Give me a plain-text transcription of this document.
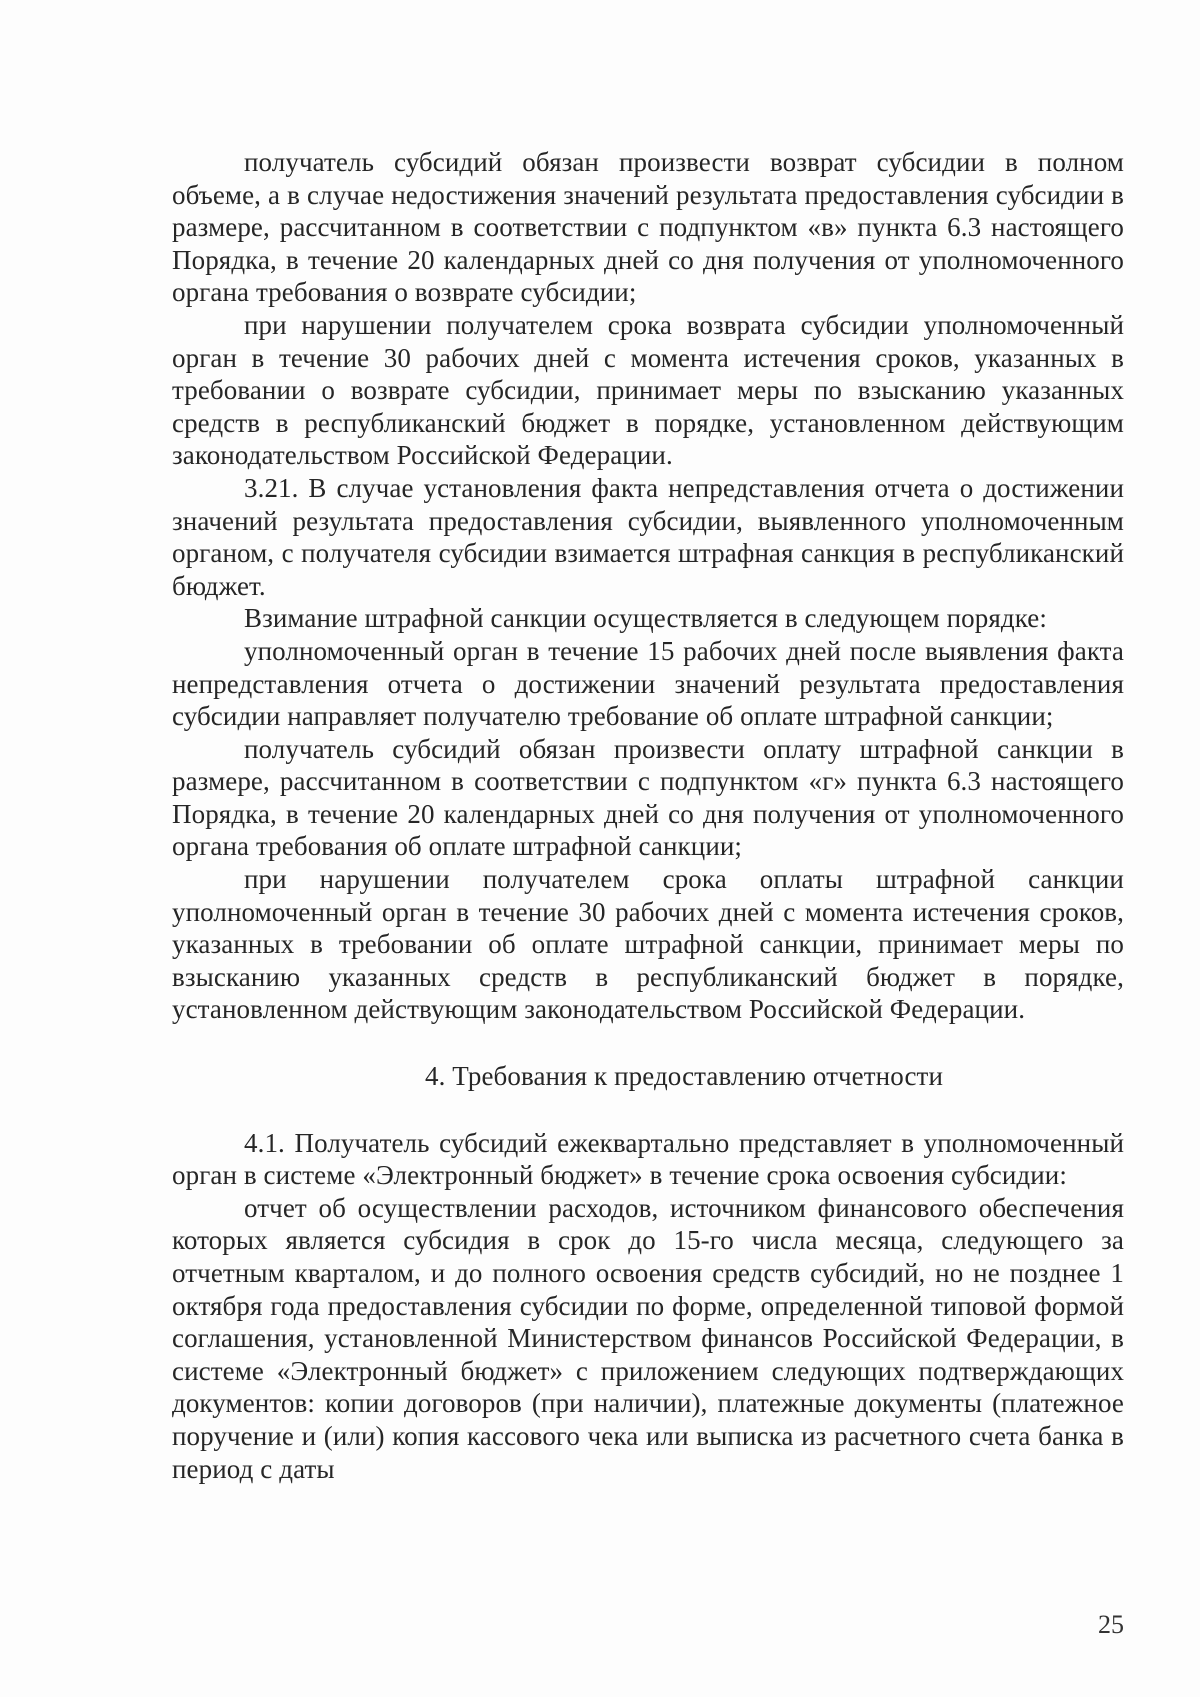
получатель субсидий обязан произвести возврат субсидии в полном объеме, а в случае недостижения значений результата предоставления субсидии в размере, рассчитанном в соответствии с подпунктом «в» пункта 6.3 настоящего Порядка, в течение 20 календарных дней со дня получения от уполномоченного органа требования о возврате субсидии;

при нарушении получателем срока возврата субсидии уполномоченный орган в течение 30 рабочих дней с момента истечения сроков, указанных в требовании о возврате субсидии, принимает меры по взысканию указанных средств в республиканский бюджет в порядке, установленном действующим законодательством Российской Федерации.

3.21. В случае установления факта непредставления отчета о достижении значений результата предоставления субсидии, выявленного уполномоченным органом, с получателя субсидии взимается штрафная санкция в республиканский бюджет.

Взимание штрафной санкции осуществляется в следующем порядке:

уполномоченный орган в течение 15 рабочих дней после выявления факта непредставления отчета о достижении значений результата предоставления субсидии направляет получателю требование об оплате штрафной санкции;

получатель субсидий обязан произвести оплату штрафной санкции в размере, рассчитанном в соответствии с подпунктом «г» пункта 6.3 настоящего Порядка, в течение 20 календарных дней со дня получения от уполномоченного органа требования об оплате штрафной санкции;

при нарушении получателем срока оплаты штрафной санкции уполномоченный орган в течение 30 рабочих дней с момента истечения сроков, указанных в требовании об оплате штрафной санкции, принимает меры по взысканию указанных средств в республиканский бюджет в порядке, установленном действующим законодательством Российской Федерации.

4. Требования к предоставлению отчетности

4.1. Получатель субсидий ежеквартально представляет в уполномоченный орган в системе «Электронный бюджет» в течение срока освоения субсидии:

отчет об осуществлении расходов, источником финансового обеспечения которых является субсидия в срок до 15-го числа месяца, следующего за отчетным кварталом, и до полного освоения средств субсидий, но не позднее 1 октября года предоставления субсидии по форме, определенной типовой формой соглашения, установленной Министерством финансов Российской Федерации, в системе «Электронный бюджет» с приложением следующих подтверждающих документов: копии договоров (при наличии), платежные документы (платежное поручение и (или) копия кассового чека или выписка из расчетного счета банка в период с даты

25
